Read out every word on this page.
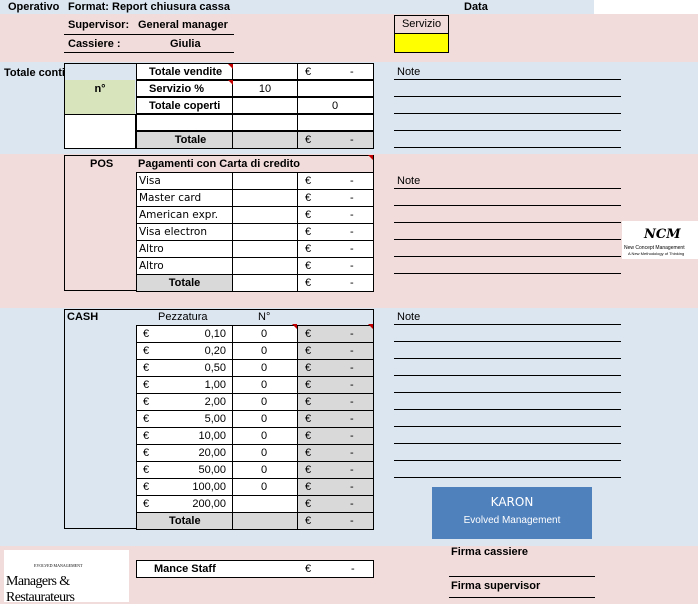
Operativo Format: Report chiusura cassa	Data
Supervisor: General manager
Cassiere :	Giulia
Servizio
Totale conti
n°
Totale vendite	€	-
Servizio %	10
Totale coperti	0
Totale	€	-
Note
POS Pagamenti con Carta di credito
Visa	€	-
Master card	€	-
American expr.	€	-
Visa electron	€	-
Altro	€	-
Altro	€	-
Totale	€	-
Note
NCM
New Concept Management
A New Methodology of Thinking
CASH	Pezzatura	N°
€	0,10	0	€	-
€	0,20	0	€	-
€	0,50	0	€	-
€	1,00	0	€	-
€	2,00	0	€	-
€	5,00	0	€	-
€	10,00	0	€	-
€	20,00	0	€	-
€	50,00	0	€	-
€	100,00	0	€	-
€	200,00	€	-
Totale	€	-
Note
KARON
Evolved Management
EVOLVED MANAGEMENT
Managers & Restaurateurs
Mance Staff	€	-
Firma cassiere
Firma supervisor
